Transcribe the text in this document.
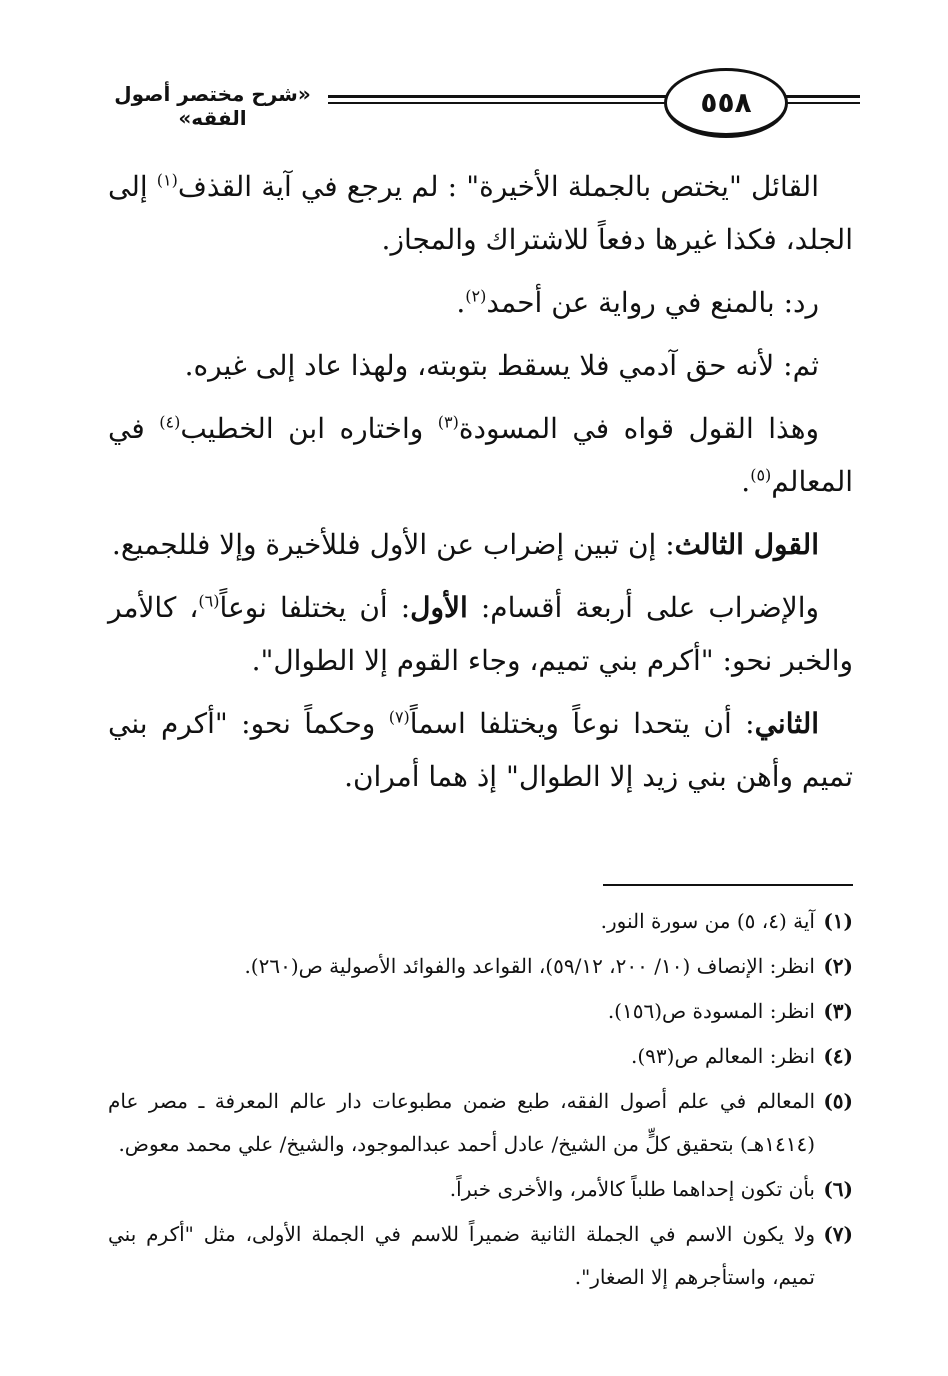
٥٥٨
«شرح مختصر أصول الفقه»

القائل "يختص بالجملة الأخيرة" : لم يرجع في آية القذف$^{(١)}$ إلى الجلد، فكذا غيرها دفعاً للاشتراك والمجاز.

رد: بالمنع في رواية عن أحمد$^{(٢)}$.

ثم: لأنه حق آدمي فلا يسقط بتوبته، ولهذا عاد إلى غيره.

وهذا القول قواه في المسودة$^{(٣)}$ واختاره ابن الخطيب$^{(٤)}$ في المعالم$^{(٥)}$.

القول الثالث: إن تبين إضراب عن الأول فللأخيرة وإلا فللجميع.

والإضراب على أربعة أقسام: الأول: أن يختلفا نوعاً$^{(٦)}$، كالأمر والخبر نحو: "أكرم بني تميم، وجاء القوم إلا الطوال".

الثاني: أن يتحدا نوعاً ويختلفا اسماً$^{(٧)}$ وحكماً نحو: "أكرم بني تميم وأهن بني زيد إلا الطوال" إذ هما أمران.

(١)
آية (٤، ٥) من سورة النور.
(٢)
انظر: الإنصاف (١٠/ ٢٠٠، ٥٩/١٢)، القواعد والفوائد الأصولية ص(٢٦٠).
(٣)
انظر: المسودة ص(١٥٦).
(٤)
انظر: المعالم ص(٩٣).
(٥)
المعالم في علم أصول الفقه، طبع ضمن مطبوعات دار عالم المعرفة ـ مصر عام (١٤١٤هـ) بتحقيق كلٍّ من الشيخ/ عادل أحمد عبدالموجود، والشيخ/ علي محمد معوض.
(٦)
بأن تكون إحداهما طلباً كالأمر، والأخرى خبراً.
(٧)
ولا يكون الاسم في الجملة الثانية ضميراً للاسم في الجملة الأولى، مثل "أكرم بني تميم، واستأجرهم إلا الصغار".
